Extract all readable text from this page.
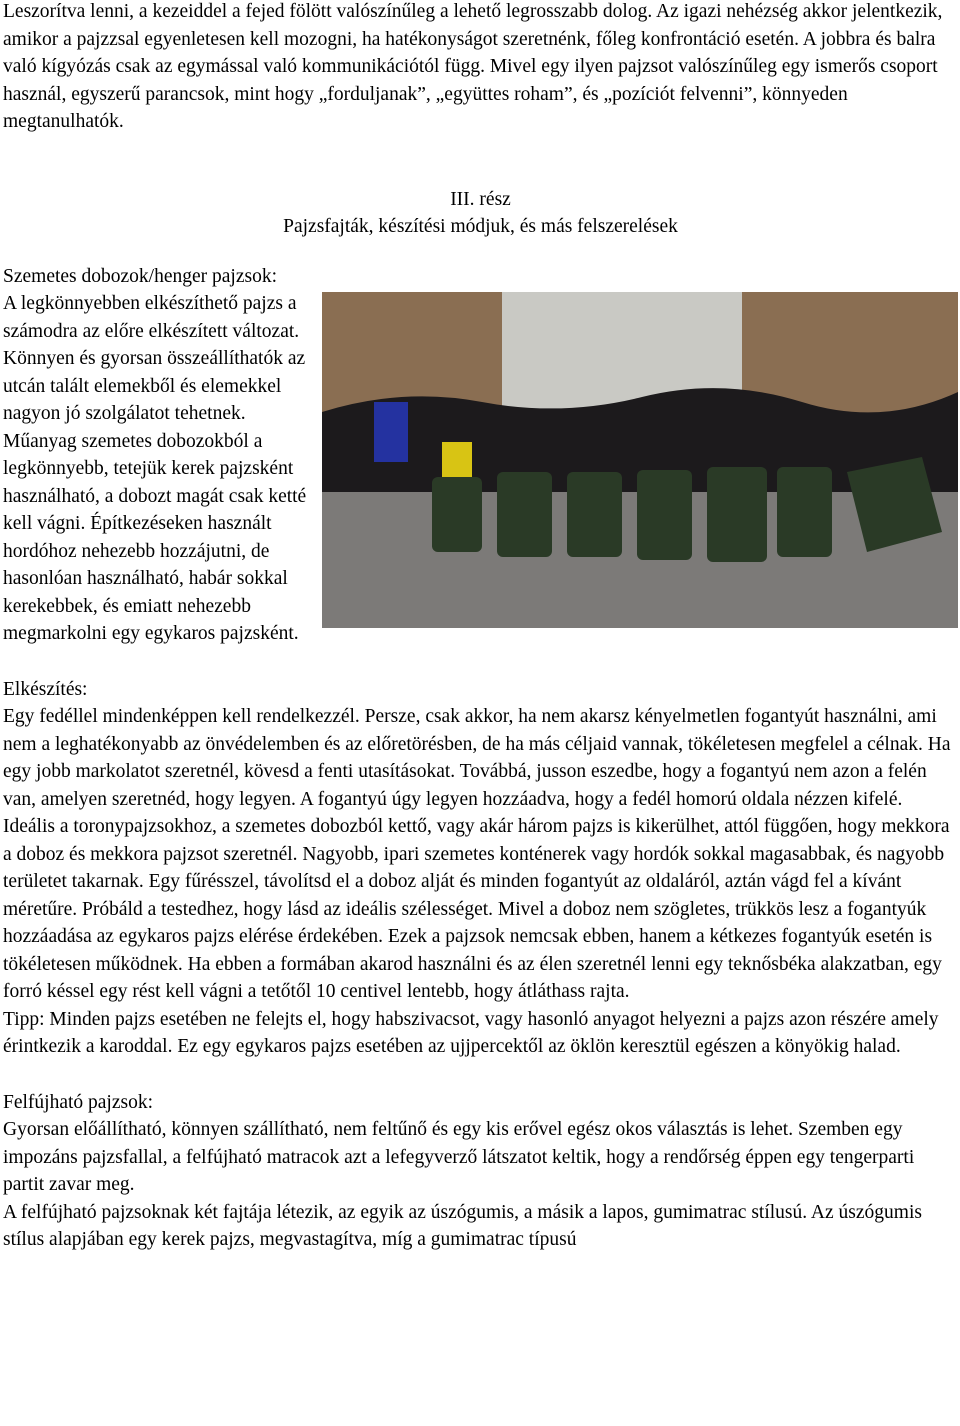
Leszorítva lenni, a kezeiddel a fejed fölött valószínűleg a lehető legrosszabb dolog. Az igazi nehézség akkor jelentkezik, amikor a pajzzsal egyenletesen kell mozogni, ha hatékonyságot szeretnénk, főleg konfrontáció esetén. A jobbra és balra való kígyózás csak az egymással való kommunikációtól függ. Mivel egy ilyen pajzsot valószínűleg egy ismerős csoport használ, egyszerű parancsok, mint hogy „forduljanak”, „együttes roham”, és „pozíciót felvenni”, könnyeden megtanulhatók.

III. rész

Pajzsfajták, készítési módjuk, és más felszerelések

Szemetes dobozok/henger pajzsok:

A legkönnyebben elkészíthető pajzs a számodra az előre elkészített változat. Könnyen és gyorsan összeállíthatók az utcán talált elemekből és elemekkel nagyon jó szolgálatot tehetnek. Műanyag szemetes dobozokból a legkönnyebb, tetejük kerek pajzsként használható, a dobozt magát csak ketté kell vágni. Építkezéseken használt hordóhoz nehezebb hozzájutni, de hasonlóan használható, habár sokkal kerekebbek, és emiatt nehezebb megmarkolni egy egykaros pajzsként.

Elkészítés:

Egy fedéllel mindenképpen kell rendelkezzél. Persze, csak akkor, ha nem akarsz kényelmetlen fogantyút használni, ami nem a leghatékonyabb az önvédelemben és az előretörésben, de ha más céljaid vannak, tökéletesen megfelel a célnak. Ha egy jobb markolatot szeretnél, kövesd a fenti utasításokat. Továbbá, jusson eszedbe, hogy a fogantyú nem azon a felén van, amelyen szeretnéd, hogy legyen. A fogantyú úgy legyen hozzáadva, hogy a fedél homorú oldala nézzen kifelé.

Ideális a toronypajzsokhoz, a szemetes dobozból kettő, vagy akár három pajzs is kikerülhet, attól függően, hogy mekkora a doboz és mekkora pajzsot szeretnél. Nagyobb, ipari szemetes konténerek vagy hordók sokkal magasabbak, és nagyobb területet takarnak. Egy fűrésszel, távolítsd el a doboz alját és minden fogantyút az oldaláról, aztán vágd fel a kívánt méretűre. Próbáld a testedhez, hogy lásd az ideális szélességet. Mivel a doboz nem szögletes, trükkös lesz a fogantyúk hozzáadása az egykaros pajzs elérése érdekében. Ezek a pajzsok nemcsak ebben, hanem a kétkezes fogantyúk esetén is tökéletesen működnek. Ha ebben a formában akarod használni és az élen szeretnél lenni egy teknősbéka alakzatban, egy forró késsel egy rést kell vágni a tetőtől 10 centivel lentebb, hogy átláthass rajta.

Tipp: Minden pajzs esetében ne felejts el, hogy habszivacsot, vagy hasonló anyagot helyezni a pajzs azon részére amely érintkezik a karoddal. Ez egy egykaros pajzs esetében az ujjpercektől az öklön keresztül egészen a könyökig halad.

Felfújható pajzsok:

Gyorsan előállítható, könnyen szállítható, nem feltűnő és egy kis erővel egész okos választás is lehet. Szemben egy impozáns pajzsfallal, a felfújható matracok azt a lefegyverző látszatot keltik, hogy a rendőrség éppen egy tengerparti partit zavar meg.

A felfújható pajzsoknak két fajtája létezik, az egyik az úszógumis, a másik a lapos, gumimatrac stílusú. Az úszógumis stílus alapjában egy kerek pajzs, megvastagítva, míg a gumimatrac típusú
